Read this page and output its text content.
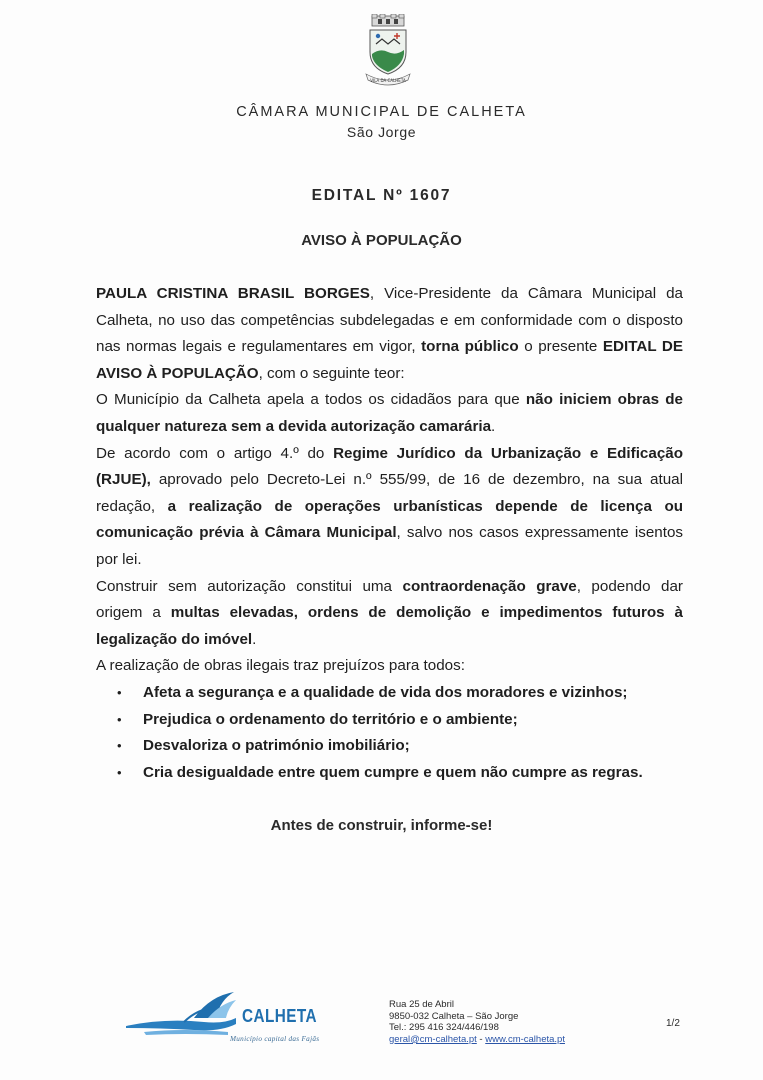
VILA DA CALHETA
CÂMARA MUNICIPAL DE CALHETA
São Jorge
EDITAL Nº 1607
AVISO À POPULAÇÃO

PAULA CRISTINA BRASIL BORGES, Vice-Presidente da Câmara Municipal da Calheta, no uso das competências subdelegadas e em conformidade com o disposto nas normas legais e regulamentares em vigor, torna público o presente EDITAL DE AVISO À POPULAÇÃO, com o seguinte teor:

O Município da Calheta apela a todos os cidadãos para que não iniciem obras de qualquer natureza sem a devida autorização camarária.

De acordo com o artigo 4.º do Regime Jurídico da Urbanização e Edificação (RJUE), aprovado pelo Decreto-Lei n.º 555/99, de 16 de dezembro, na sua atual redação, a realização de operações urbanísticas depende de licença ou comunicação prévia à Câmara Municipal, salvo nos casos expressamente isentos por lei.

Construir sem autorização constitui uma contraordenação grave, podendo dar origem a multas elevadas, ordens de demolição e impedimentos futuros à legalização do imóvel.

A realização de obras ilegais traz prejuízos para todos:

• Afeta a segurança e a qualidade de vida dos moradores e vizinhos;
• Prejudica o ordenamento do território e o ambiente;
• Desvaloriza o património imobiliário;
• Cria desigualdade entre quem cumpre e quem não cumpre as regras.
Antes de construir, informe-se!
CALHETA
Município capital das Fajãs
Rua 25 de Abril
9850-032 Calheta – São Jorge
Tel.: 295 416 324/446/198
geral@cm-calheta.pt - www.cm-calheta.pt
1/2
